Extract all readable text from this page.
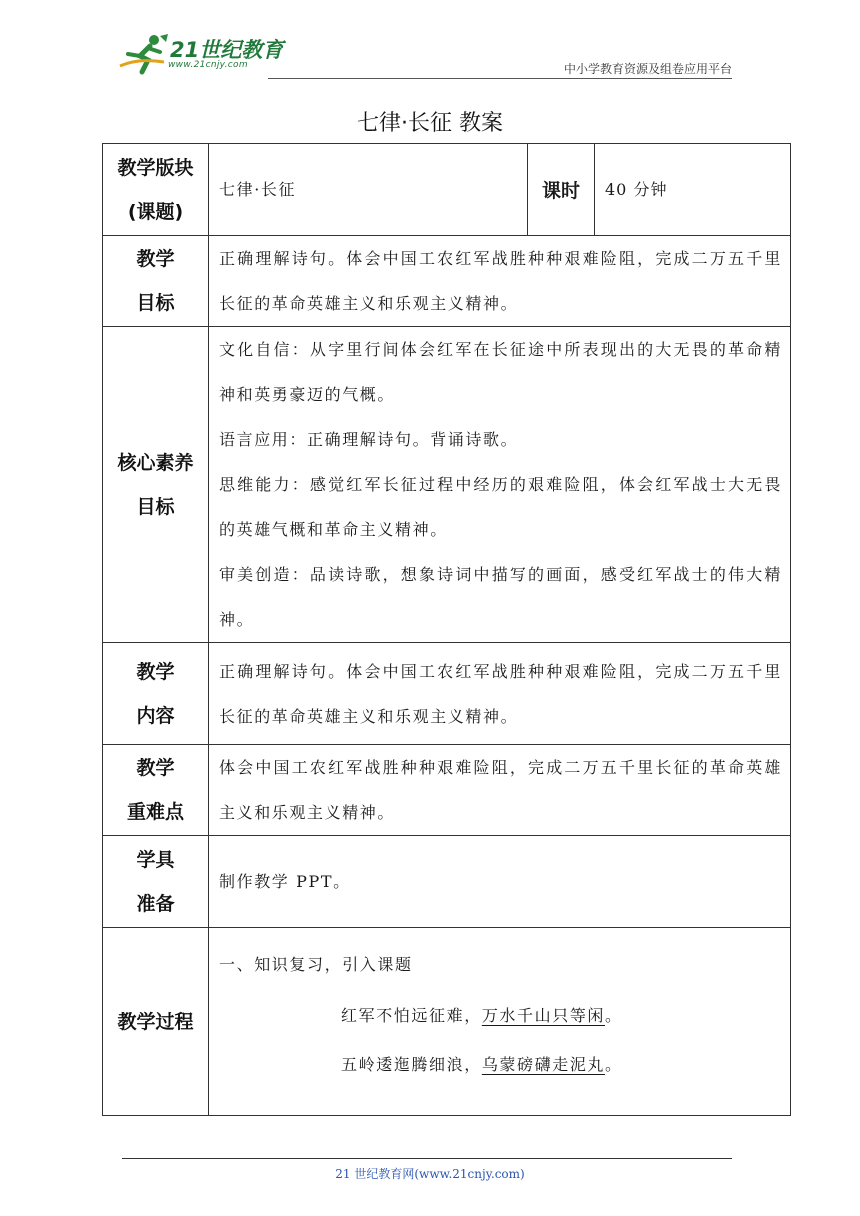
21世纪教育
www.21cnjy.com	中小学教育资源及组卷应用平台
七律·长征 教案
教学版块
(课题)	七律·长征	课时	40 分钟
教学
目标	正确理解诗句。体会中国工农红军战胜种种艰难险阻，完成二万五千里长征的革命英雄主义和乐观主义精神。		
核心素养
目标	文化自信：从字里行间体会红军在长征途中所表现出的大无畏的革命精神和英勇豪迈的气概。
语言应用：正确理解诗句。背诵诗歌。
思维能力：感觉红军长征过程中经历的艰难险阻，体会红军战士大无畏的英雄气概和革命主义精神。
审美创造：品读诗歌，想象诗词中描写的画面，感受红军战士的伟大精神。		

教学
内容	正确理解诗句。体会中国工农红军战胜种种艰难险阻，完成二万五千里长征的革命英雄主义和乐观主义精神。		
教学
重难点	体会中国工农红军战胜种种艰难险阻，完成二万五千里长征的革命英雄主义和乐观主义精神。		
学具
准备	制作教学 PPT。		
教学过程	一、知识复习，引入课题
红军不怕远征难，万水千山只等闲。
五岭逶迤腾细浪，乌蒙磅礴走泥丸。		
21 世纪教育网(www.21cnjy.com)
